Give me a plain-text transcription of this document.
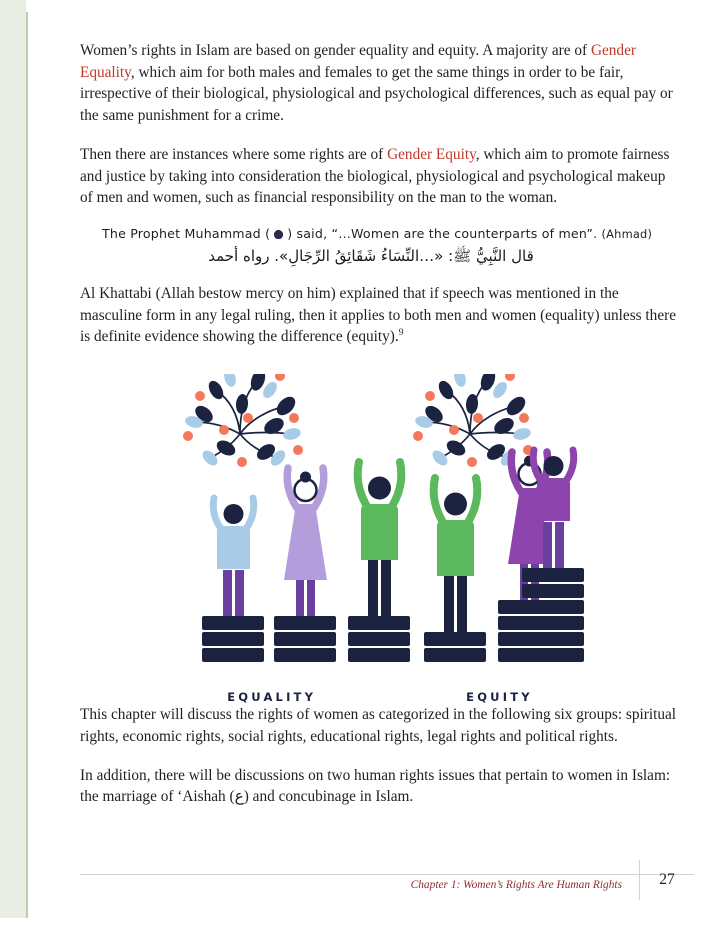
Women’s rights in Islam are based on gender equality and equity. A majority are of Gender Equality, which aim for both males and females to get the same things in order to be fair, irrespective of their biological, physiological and psychological differences, such as equal pay or the same punishment for a crime.

Then there are instances where some rights are of Gender Equity, which aim to promote fairness and justice by taking into consideration the biological, physiological and psychological makeup of men and women, such as financial responsibility on the man to the woman.

The Prophet Muhammad ( ) said, “…Women are the counterparts of men”. (Ahmad)
قال النَّبِيُّ ﷺ: «…النِّسَاءُ شَقَائِقُ الرِّجَالِ». رواه أحمد

Al Khattabi (Allah bestow mercy on him) explained that if speech was mentioned in the masculine form in any legal ruling, then it applies to both men and women (equality) unless there is definite evidence showing the difference (equity).$^9$

EQUALITY	EQUITY

This chapter will discuss the rights of women as categorized in the following six groups: spiritual rights, economic rights, social rights, educational rights, legal rights and political rights.

In addition, there will be discussions on two human rights issues that pertain to women in Islam: the marriage of ‘Aishah (ع) and concubinage in Islam.

Chapter 1: Women’s Rights Are Human Rights 27
